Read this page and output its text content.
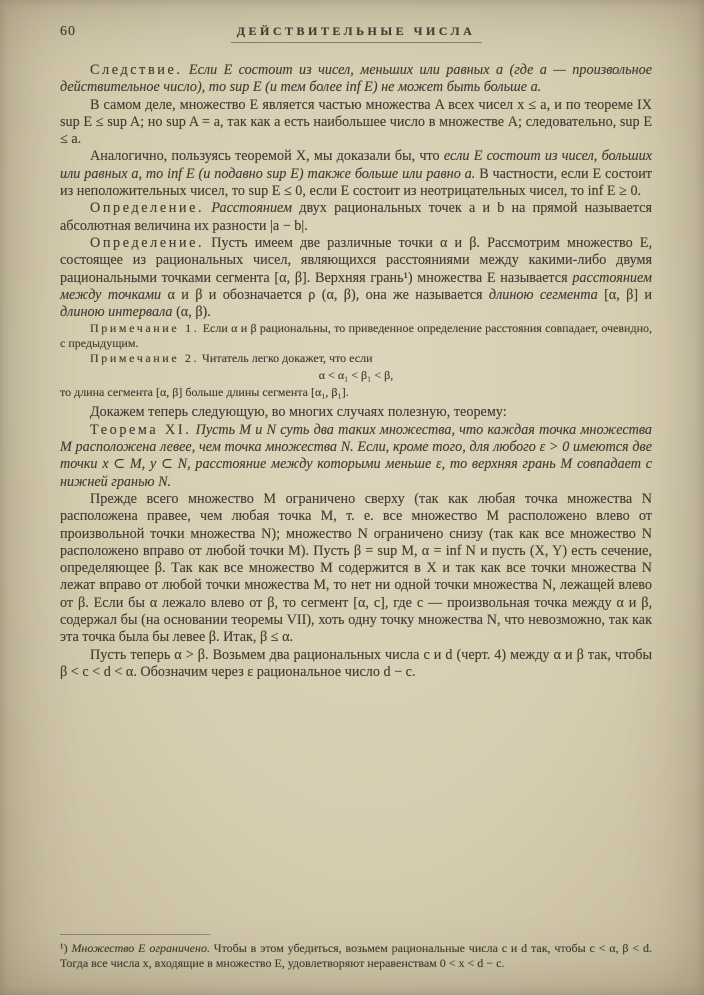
60	ДЕЙСТВИТЕЛЬНЫЕ ЧИСЛА

Следствие. Если E состоит из чисел, меньших или равных a (где a — произвольное действительное число), то sup E (и тем более inf E) не может быть больше a.

В самом деле, множество E является частью множества A всех чисел x ≤ a, и по теореме IX sup E ≤ sup A; но sup A = a, так как a есть наибольшее число в множестве A; следовательно, sup E ≤ a.

Аналогично, пользуясь теоремой X, мы доказали бы, что если E состоит из чисел, больших или равных a, то inf E (и подавно sup E) также больше или равно a. В частности, если E состоит из неположительных чисел, то sup E ≤ 0, если E состоит из неотрицательных чисел, то inf E ≥ 0.

Определение. Расстоянием двух рациональных точек a и b на прямой называется абсолютная величина их разности |a − b|.

Определение. Пусть имеем две различные точки α и β. Рассмотрим множество E, состоящее из рациональных чисел, являющихся расстояниями между какими-либо двумя рациональными точками сегмента [α, β]. Верхняя грань¹) множества E называется расстоянием между точками α и β и обозначается ρ (α, β), она же называется длиною сегмента [α, β] и длиною интервала (α, β).

Примечание 1. Если α и β рациональны, то приведенное определение расстояния совпадает, очевидно, с предыдущим.

Примечание 2. Читатель легко докажет, что если

α < α₁ < β₁ < β,

то длина сегмента [α, β] больше длины сегмента [α₁, β₁].

Докажем теперь следующую, во многих случаях полезную, теорему:

Теорема XI. Пусть M и N суть два таких множества, что каждая точка множества M расположена левее, чем точка множества N. Если, кроме того, для любого ε > 0 имеются две точки x ⊂ M, y ⊂ N, расстояние между которыми меньше ε, то верхняя грань M совпадает с нижней гранью N.

Прежде всего множество M ограничено сверху (так как любая точка множества N расположена правее, чем любая точка M, т. е. все множество M расположено влево от произвольной точки множества N); множество N ограничено снизу (так как все множество N расположено вправо от любой точки M). Пусть β = sup M, α = inf N и пусть (X, Y) есть сечение, определяющее β. Так как все множество M содержится в X и так как все точки множества N лежат вправо от любой точки множества M, то нет ни одной точки множества N, лежащей влево от β. Если бы α лежало влево от β, то сегмент [α, c], где c — произвольная точка между α и β, содержал бы (на основании теоремы VII), хоть одну точку множества N, что невозможно, так как эта точка была бы левее β. Итак, β ≤ α.

Пусть теперь α > β. Возьмем два рациональных числа c и d (черт. 4) между α и β так, чтобы β < c < d < α. Обозначим через ε рациональное число d − c.

¹) Множество E ограничено. Чтобы в этом убедиться, возьмем рациональные числа c и d так, чтобы c < α, β < d. Тогда все числа x, входящие в множество E, удовлетворяют неравенствам 0 < x < d − c.
